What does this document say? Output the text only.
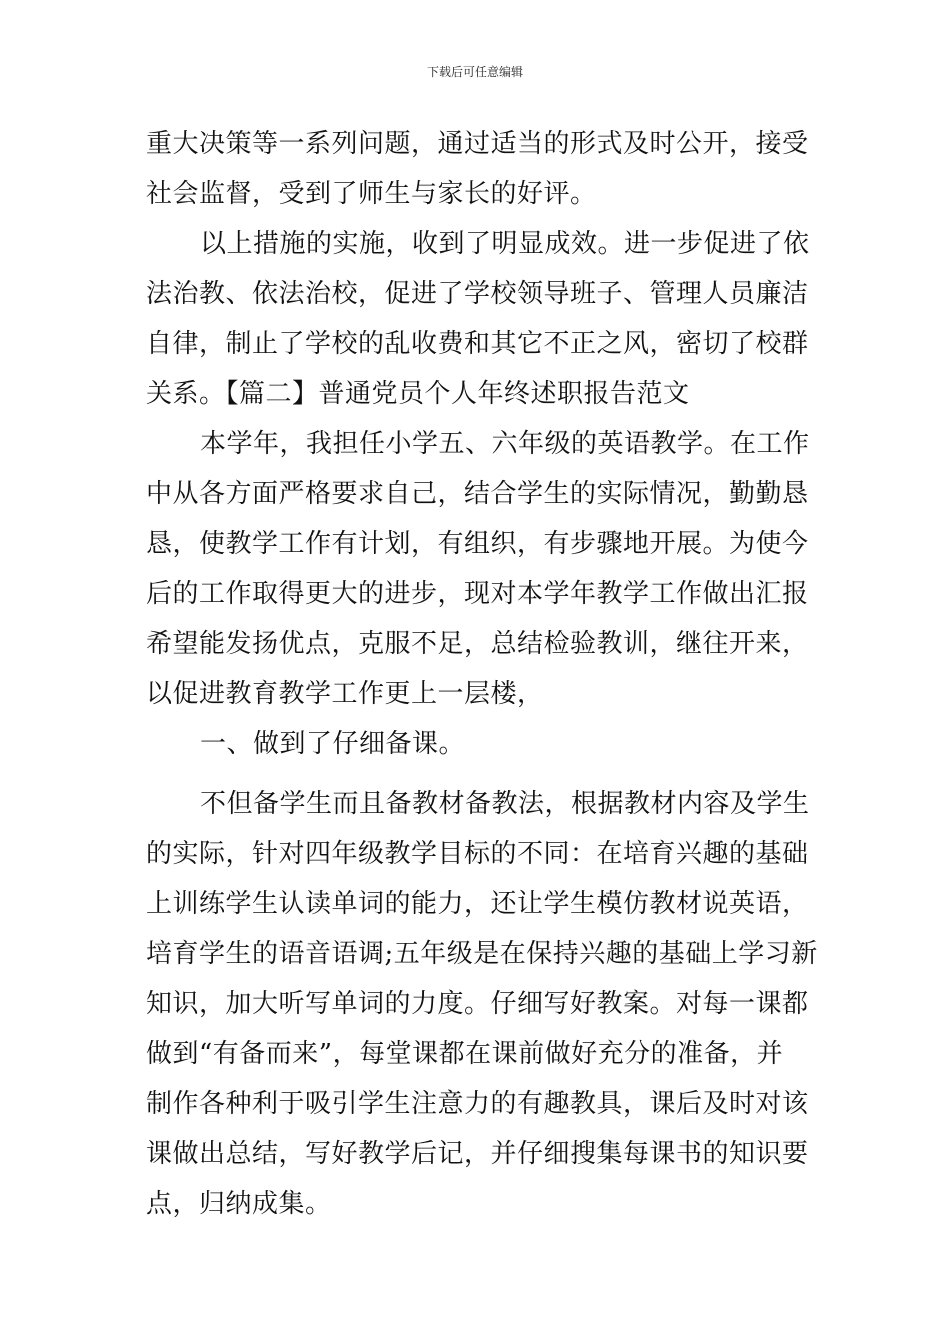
下载后可任意编辑
重大决策等一系列问题，通过适当的形式及时公开，接受
社会监督，受到了师生与家长的好评。
以上措施的实施，收到了明显成效。进一步促进了依
法治教、依法治校，促进了学校领导班子、管理人员廉洁
自律，制止了学校的乱收费和其它不正之风，密切了校群
关系。【篇二】普通党员个人年终述职报告范文
本学年，我担任小学五、六年级的英语教学。在工作
中从各方面严格要求自己，结合学生的实际情况，勤勤恳
恳，使教学工作有计划，有组织，有步骤地开展。为使今
后的工作取得更大的进步，现对本学年教学工作做出汇报
希望能发扬优点，克服不足，总结检验教训，继往开来，
以促进教育教学工作更上一层楼，
一、做到了仔细备课。
不但备学生而且备教材备教法，根据教材内容及学生
的实际，针对四年级教学目标的不同：在培育兴趣的基础
上训练学生认读单词的能力，还让学生模仿教材说英语，
培育学生的语音语调;五年级是在保持兴趣的基础上学习新
知识，加大听写单词的力度。仔细写好教案。对每一课都
做到“有备而来”，每堂课都在课前做好充分的准备，并
制作各种利于吸引学生注意力的有趣教具，课后及时对该
课做出总结，写好教学后记，并仔细搜集每课书的知识要
点，归纳成集。
